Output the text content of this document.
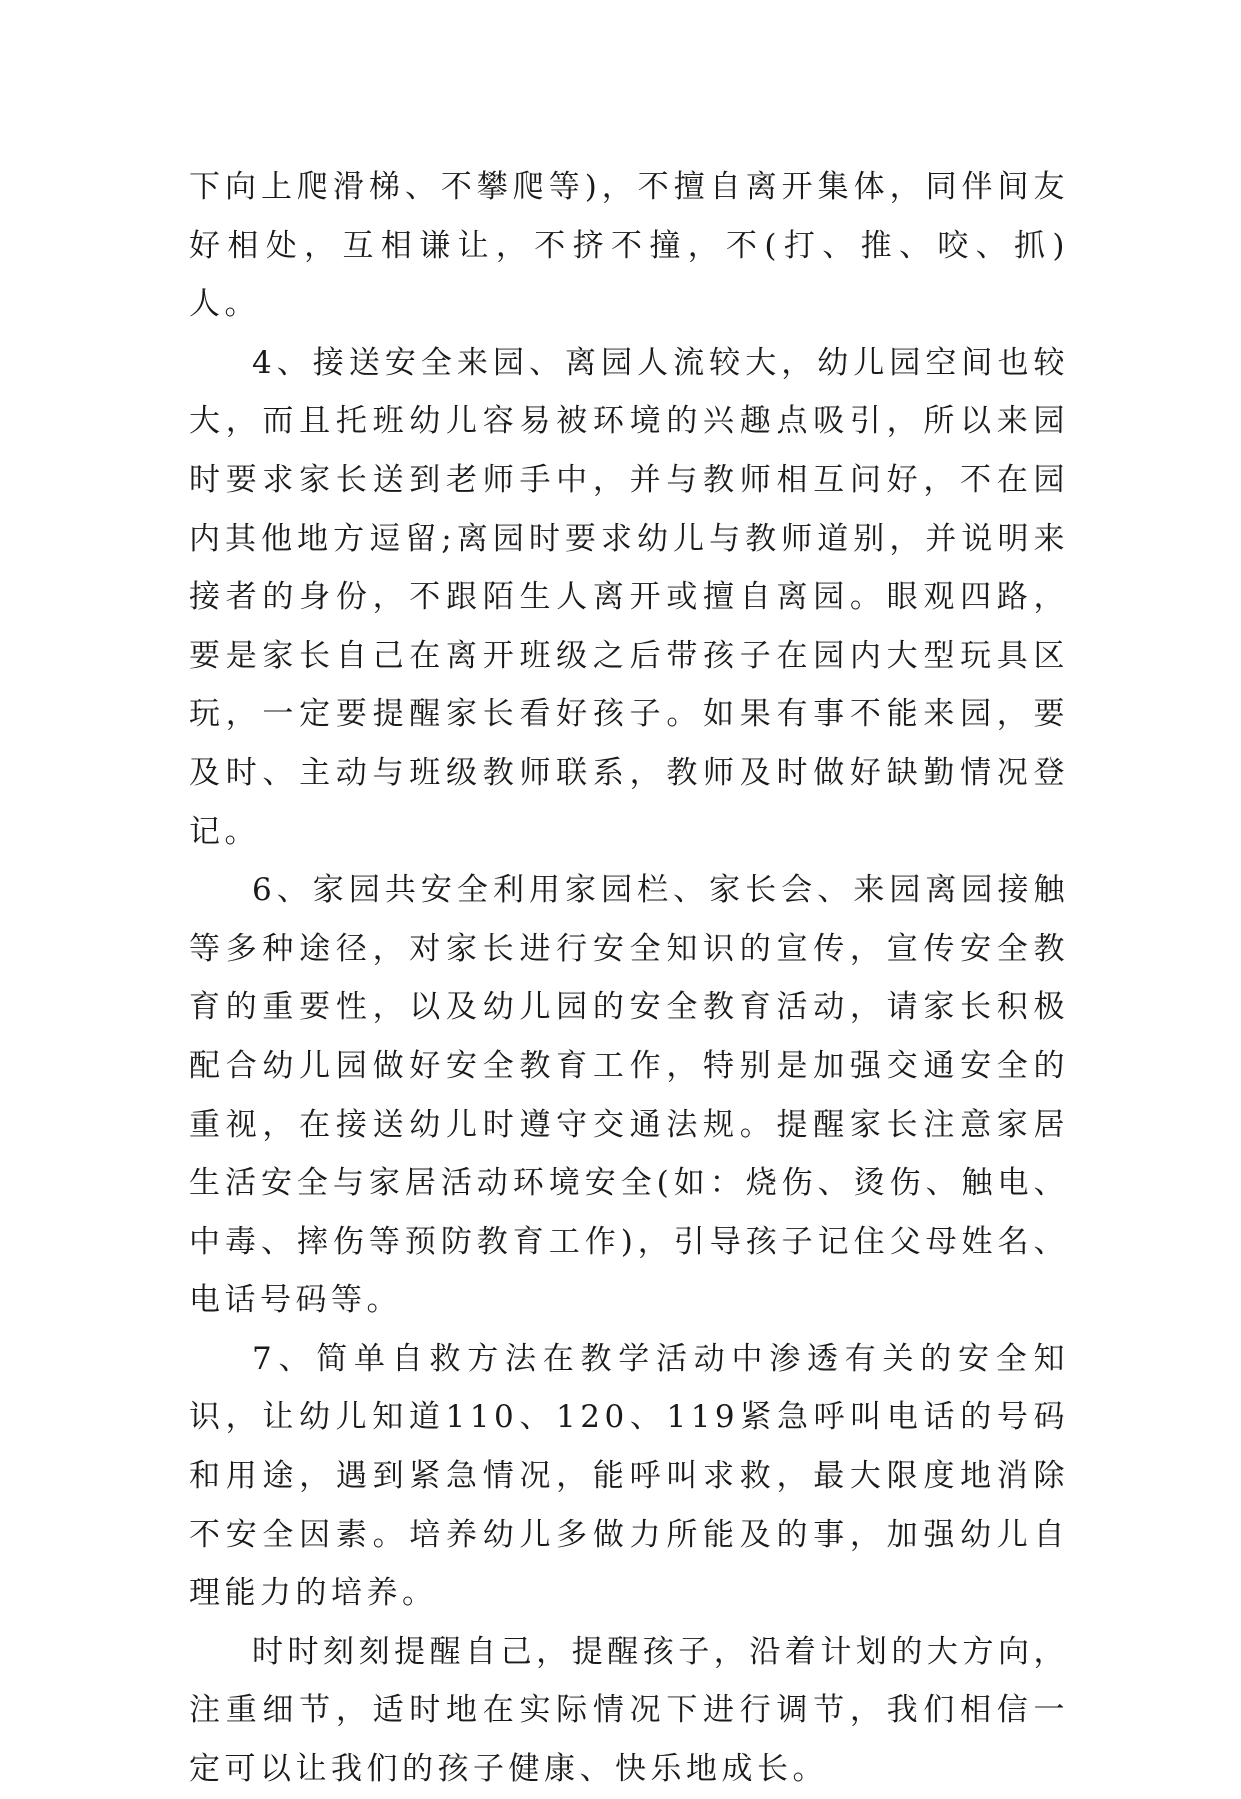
下向上爬滑梯、不攀爬等)，不擅自离开集体，同伴间友好相处，互相谦让，不挤不撞，不(打、推、咬、抓)人。

4、接送安全来园、离园人流较大，幼儿园空间也较大，而且托班幼儿容易被环境的兴趣点吸引，所以来园时要求家长送到老师手中，并与教师相互问好，不在园内其他地方逗留;离园时要求幼儿与教师道别，并说明来接者的身份，不跟陌生人离开或擅自离园。眼观四路，要是家长自己在离开班级之后带孩子在园内大型玩具区玩，一定要提醒家长看好孩子。如果有事不能来园，要及时、主动与班级教师联系，教师及时做好缺勤情况登记。

6、家园共安全利用家园栏、家长会、来园离园接触等多种途径，对家长进行安全知识的宣传，宣传安全教育的重要性，以及幼儿园的安全教育活动，请家长积极配合幼儿园做好安全教育工作，特别是加强交通安全的重视，在接送幼儿时遵守交通法规。提醒家长注意家居生活安全与家居活动环境安全(如：烧伤、烫伤、触电、中毒、摔伤等预防教育工作)，引导孩子记住父母姓名、电话号码等。

7、简单自救方法在教学活动中渗透有关的安全知识，让幼儿知道110、120、119紧急呼叫电话的号码和用途，遇到紧急情况，能呼叫求救，最大限度地消除不安全因素。培养幼儿多做力所能及的事，加强幼儿自理能力的培养。

时时刻刻提醒自己，提醒孩子，沿着计划的大方向，注重细节，适时地在实际情况下进行调节，我们相信一定可以让我们的孩子健康、快乐地成长。
